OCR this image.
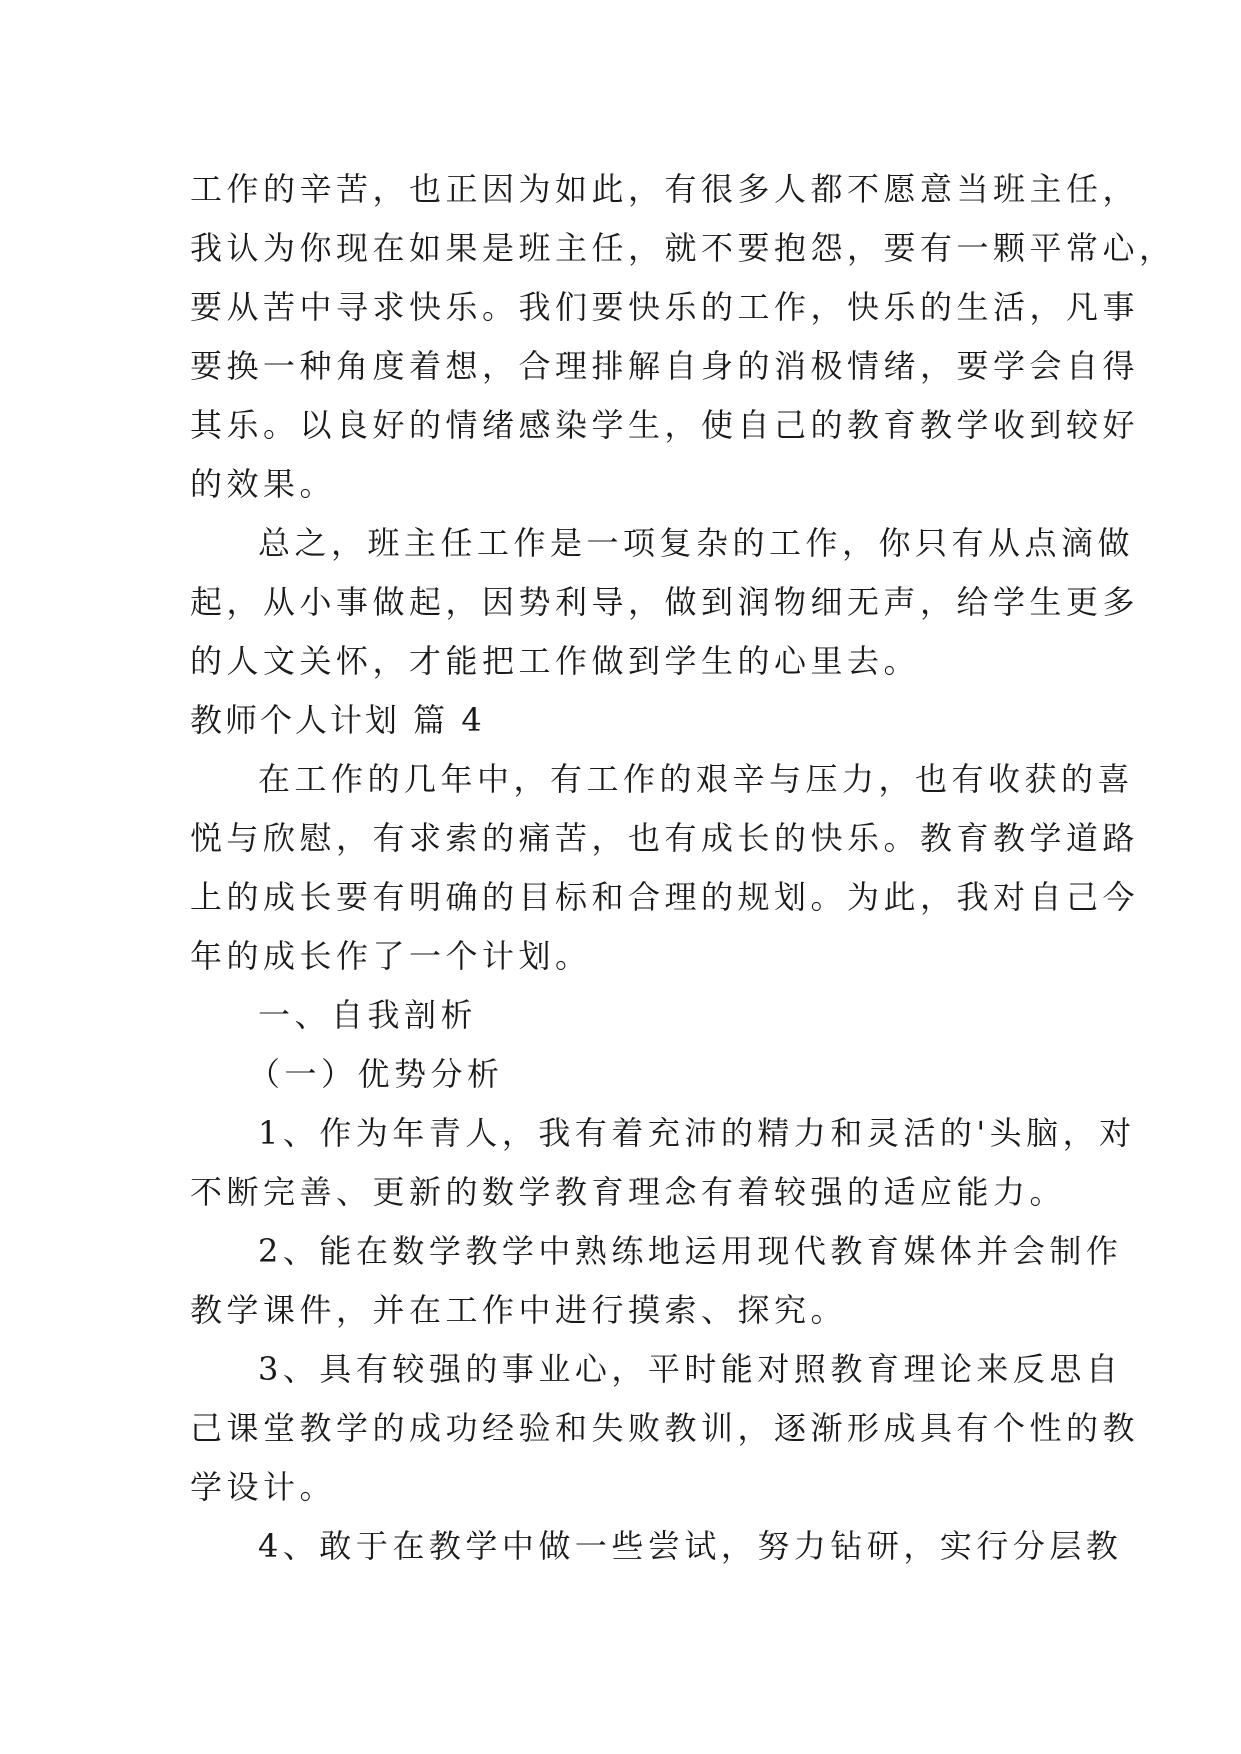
工作的辛苦，也正因为如此，有很多人都不愿意当班主任，

我认为你现在如果是班主任，就不要抱怨，要有一颗平常心，

要从苦中寻求快乐。我们要快乐的工作，快乐的生活，凡事

要换一种角度着想，合理排解自身的消极情绪，要学会自得

其乐。以良好的情绪感染学生，使自己的教育教学收到较好

的效果。

总之，班主任工作是一项复杂的工作，你只有从点滴做

起，从小事做起，因势利导，做到润物细无声，给学生更多

的人文关怀，才能把工作做到学生的心里去。

教师个人计划 篇 4

在工作的几年中，有工作的艰辛与压力，也有收获的喜

悦与欣慰，有求索的痛苦，也有成长的快乐。教育教学道路

上的成长要有明确的目标和合理的规划。为此，我对自己今

年的成长作了一个计划。

一、自我剖析

（一）优势分析

1、作为年青人，我有着充沛的精力和灵活的'头脑，对

不断完善、更新的数学教育理念有着较强的适应能力。

2、能在数学教学中熟练地运用现代教育媒体并会制作

教学课件，并在工作中进行摸索、探究。

3、具有较强的事业心，平时能对照教育理论来反思自

己课堂教学的成功经验和失败教训，逐渐形成具有个性的教

学设计。

4、敢于在教学中做一些尝试，努力钻研，实行分层教
